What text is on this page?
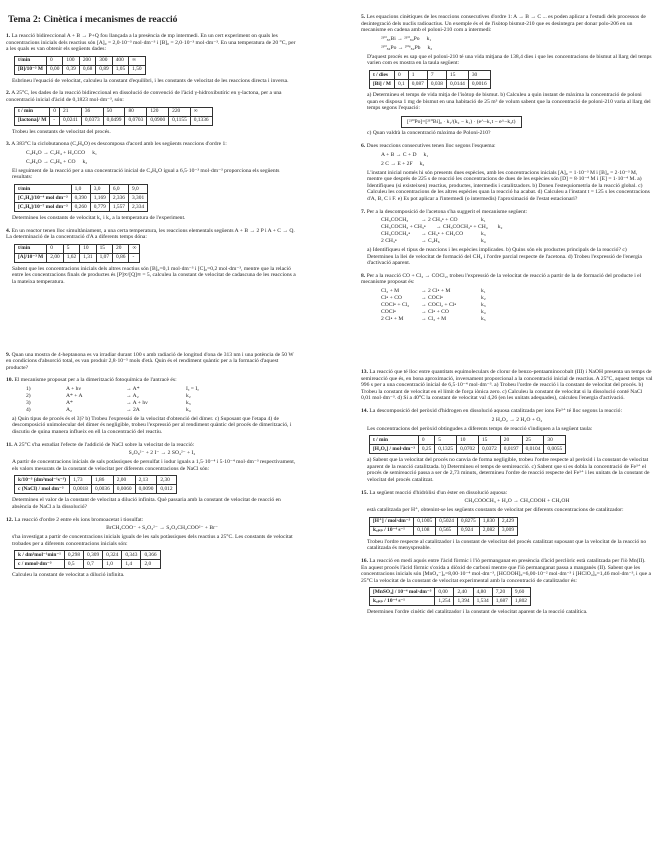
Tema 2: Cinètica i mecanismes de reacció

1. La reacció bidireccional A + B → P+Q fou llançada a la presència de mp intermedi. En un cert experiment on quals les concentracions inicials dels reactius són [A]₀ = 2,0·10⁻³ mol·dm⁻³ i [B]₀ = 2,0·10⁻³ mol·dm⁻³. En una temperatura de 20 °C, per a les quals es van obtenir els següents dades:

t/min	0	100	200	300	400	∞
[B]/10⁻³ M	0,00	0,39	0,68	0,89	1,05	1,50

Esbrineu l'equació de velocitat, calculeu la constant d'equilibri, i les constants de velocitat de les reaccions directa i inversa.

2. A 25°C, les dades de la reacció bidireccional en dissolució de convenció de l'àcid γ-hidroxibutíric en γ-lactona, per a una concentració inicial d'àcid de 0,1823 mol·dm⁻³, són:

t / min	0	21	36	50	80	120	220	∞
[lactona]/ M	-	0,0241	0,0373	0,0499	0,0703	0,0900	0,1155	0,1336

Trobeu les constants de velocitat del procés.

3. A 383°C la ciclobutanona (C₄H₆O) es descomposa d'acord amb les següents reaccions d'ordre 1:

C₄H₆O → C₂H₄ + H₂CCO k₁
C₄H₆O → C₃H₆ + CO k₂

El seguiment de la reacció per a una concentració inicial de C₄H₆O igual a 6,5·10⁻³ mol·dm⁻³ proporciona els següents resultats:

t/min	1,0	3,0	6,0	9,0
[C₂H₄]/10⁻⁴ mol dm⁻³	0,390	1,169	2,336	3,301
[C₃H₆]/10⁻⁷ mol dm⁻³	0,260	0,779	1,557	2,334

Determineu les constants de velocitat k₁ i k₂ a la temperatura de l'experiment.

4. En un reactor tenen lloc simultàniament, a una certa temperatura, les reaccions elementals següents A + B → 2 P i A + C → Q. La determinació de la concentració d'A a diferents temps dóna:

t/min	0	5	10	15	20	∞
[A]/10⁻³ M	2,00	1,62	1,31	1,07	0,86	-

Sabent que les concentracions inicials dels altres reactius són [B]₀=0,1 mol·dm⁻³ i [C]₀=0,2 mol·dm⁻³, mentre que la relació entre les concentracions finals de productes és [P]∞/[Q]∞ = 5, calculeu la constant de velocitat de cadascuna de les reaccions a la mateixa temperatura.

9. Quan una mostra de 4-heptanona es va irradiar durant 100 s amb radiació de longitud d'ona de 313 nm i una potència de 50 W en condicions d'absorció total, es van produir 2,8·10⁻⁵ mols d'età. Quin és el rendiment quàntic per a la formació d'aquest producte?

10. El mecanisme proposat per a la dimerització fotoquímica de l'antracè és:

1)	A + hν	→ A*	Iₐ = Iₐ
2)	A* + A	→ A₂	k₂
3)	A*	→ A + hν	k₃
4)	A₂	→ 2A	k₄

a) Quin tipus de procés és el 3)? b) Trobeu l'expressió de la velocitat d'obtenció del dímer. c) Suposant que l'etapa 4) de descomposició unimolecular del dímer és negligible, trobeu l'expressió per al rendiment quàntic del procés de dimerització, i discutiu de quina manera influeix en ell la concentració del reactiu.

11. A 25°C s'ha estudiat l'efecte de l'addició de NaCl sobre la velocitat de la reacció:

S₂O₈²⁻ + 2 I⁻ → 2 SO₄²⁻ + I₂

A partir de concentracions inicials de sals potàssiques de persulfat i iodur iguals a 1,5·10⁻⁴ i 5·10⁻⁴ mol·dm⁻³ respectivament, els valors mesurats de la constant de velocitat per diferents concentracions de NaCl són:

k/10⁻³ (dm³mol⁻¹s⁻¹)	1,73	1,86	2,00	2,13	2,30
c (NaCl) / mol dm⁻³	0,0018	0,0036	0,0060	0,0090	0,012

Determineu el valor de la constant de velocitat a dilució infinita. Què passaria amb la constant de velocitat de reacció en absència de NaCl a la dissolució?

12. La reacció d'ordre 2 entre els ions bromoacetat i tiosulfat:

BrCH₂COO⁻ + S₂O₃²⁻ → S₂O₃CH₂COO²⁻ + Br⁻

s'ha investigat a partir de concentracions inicials iguals de les sals potàssiques dels reactius a 25°C. Les constants de velocitat trobades per a diferents concentracions inicials són:

k / dm³mol⁻¹min⁻¹	0,298	0,309	0,324	0,343	0,366
c / mmol·dm⁻³	0,5	0,7	1,0	1,4	2,0

Calculeu la constant de velocitat a dilució infinita.

5. Les equacions cinètiques de les reaccions consecutives d'ordre 1: A → B → C ... es poden aplicar a l'estudi dels processos de desintegració dels nuclis radioactius. Un exemple és el de l'isòtop bismut-210 que es desintegra per donar polo-206 en un mecanisme en cadena amb el poloni-210 com a intermedi:

²¹⁰₈₃Bi → ²¹⁰₈₄Po k₁
²¹⁰₈₄Po → ²⁰⁶₈₂Pb k₂

D'aquest procés es sap que el poloni-210 té una vida mitjana de 138,4 dies i que les concentracions de bismut al llarg del temps varien com es mostra en la taula següent:

t / dies	0	1	7	15	30
[Bi] / M	0,1	0,087	0,038	0,0144	0,0016

a) Determineu el temps de vida mitja de l'isòtop de bismut. b) Calculeu a quin instant de màxima la concentració de poloni quan es disposa 1 mg de bismut en una habitació de 25 m³ de volum sabent que la concentració de poloni-210 varia al llarg del temps segons l'equació:

[²¹⁰Po]=[²¹⁰Bi]₀ · k₁/(k₂ − k₁) · (e^−k₁t − e^−k₂t)

c) Quan valdrà la concentració màxima de Poloni-210?

6. Dues reaccions consecutives tenen lloc segons l'esquema:

A + B → C + D k₁
2 C → E + 2F k₂

L'instant inicial només hi són presents dues espècies, amb les concentracions inicials [A]₀ = 1·10⁻³ M i [B]₀ = 2·10⁻³ M, mentre que després de 225 s de reacció les concentracions de dues de les espècies són [D] = 8·10⁻⁴ M i [E] = 1·10⁻⁴ M. a) Identifiqueu (si existeixen) reactius, productes, intermedis i catalitzadors. b) Doneu l'estequiometria de la reacció global. c) Calculeu les concentracions de les altres espècies quan la reacció ha acabat. d) Calculeu a l'instant t = 125 s les concentracions d'A, B, C i F. e) Es pot aplicar a l'intermedi (o intermedis) l'aproximació de l'estat estacionari?

7. Per a la descomposició de l'acetona s'ha suggerit el mecanisme següent:

CH₃COCH₃	→ 2 CH₃• + CO	k₁
CH₃COCH₃ + CH₃• → CH₃COCH₂• + CH₄ k₂
CH₃COCH₂• → CH₃• + CH₂CO	k₃
2 CH₃•	→ C₂H₆	k₄

a) Identifiqueu el tipus de reaccions i les espècies implicades. b) Quins són els productes principals de la reacció? c) Determineu la llei de velocitat de formació del CH₄ i l'ordre parcial respecte de l'acetona. d) Trobeu l'expressió de l'energia d'activació aparent.

8. Per a la reacció CO + Cl₂ → COCl₂, trobeu l'expressió de la velocitat de reacció a partir de la de formació del producte i el mecanisme proposat és:

Cl₂ + M	→ 2 Cl• + M	k₁
Cl• + CO	→ COCl•	k₂
COCl• + Cl₂	→ COCl₂ + Cl•	k₃
COCl•	→ Cl• + CO	k₄
2 Cl• + M	→ Cl₂ + M	k₅

13. La reacció que té lloc entre quantitats equimoleculars de clorur de benzo-pentaaminocobalt (III) i NaOH presenta un temps de semireacció que és, en bona aproximació, inversament proporcional a la concentració inicial de reactius. A 25°C, aquest temps val 996 s per a una concentració inicial de 6,5·10⁻⁴ mol·dm⁻³. a) Trobeu l'ordre de reacció i la constant de velocitat del procés. b) Trobeu la constant de velocitat en el límit de força iònica zero. c) Calculeu la constant de velocitat si la dissolució conté NaCl 0,01 mol·dm⁻³. d) Si a 40°C la constant de velocitat val 4,26 (en les unitats adequades), calculeu l'energia d'activació.

14. La descomposició del peròxid d'hidrogen en dissolució aquosa catalitzada per ions Fe³⁺ té lloc segons la reacció:

2 H₂O₂ → 2 H₂O + O₂

Les concentracions del peròxid obtingudes a diferents temps de reacció s'indiquen a la següent taula:

t / min	0	5	10	15	20	25	30
[H₂O₂] / mol·dm⁻³	0,25	0,1325	0,0702	0,0372	0,0197	0,0104	0,0055

a) Sabent que la velocitat del procés no canvia de forma negligible, trobeu l'ordre respecte al peròxid i la constant de velocitat aparent de la reacció catalitzada. b) Determineu el temps de semireacció. c) Sabent que si es dobla la concentració de Fe³⁺ el procés de semireacció passa a ser de 2,73 minuts, determineu l'ordre de reacció respecte del Fe³⁺ i les unitats de la constant de velocitat del procés catalitzat.

15. La següent reacció d'hidròlisi d'un èster en dissolució aquosa:

CH₃COOCH₃ + H₂O → CH₃COOH + CH₃OH

està catalitzada per H⁺, obtenint-se les següents constants de velocitat per diferents concentracions de catalitzador:

[H⁺] / mol·dm⁻³	0,1005	0,5024	0,8275	1,830	2,429
kₐₚₚ / 10⁻⁴ s⁻¹	0,108	0,565	0,924	2,082	3,009

Trobeu l'ordre respecte al catalitzador i la constant de velocitat del procés catalitzat suposant que la velocitat de la reacció no catalitzada és menyspreable.

16. La reacció en medi aquós entre l'àcid fòrmic i l'iò permanganat en presència d'àcid perclòric està catalitzada per l'iò Mn(II). En aquest procés l'àcid fòrmic s'oxida a diòxid de carboni mentre que l'iò permanganat passa a manganès (II). Sabent que les concentracions inicials són [MnO₄⁻]₀=8,00·10⁻⁴ mol·dm⁻³, [HCOOH]₀=6,00·10⁻² mol·dm⁻³ i [HClO₄]₀=1,46 mol·dm⁻³, i que a 25°C la velocitat de la constant de velocitat experimental amb la concentració de catalitzador és:

[MnSO₄] / 10⁻⁴ mol·dm⁻³	0,00	2,40	4,80	7,20	9,60
kₐₚₚ / 10⁻⁴ s⁻¹	1,254	1,394	1,534	1,687	1,802

Determineu l'ordre cinètic del catalitzador i la constant de velocitat aparent de la reacció catalítica.
